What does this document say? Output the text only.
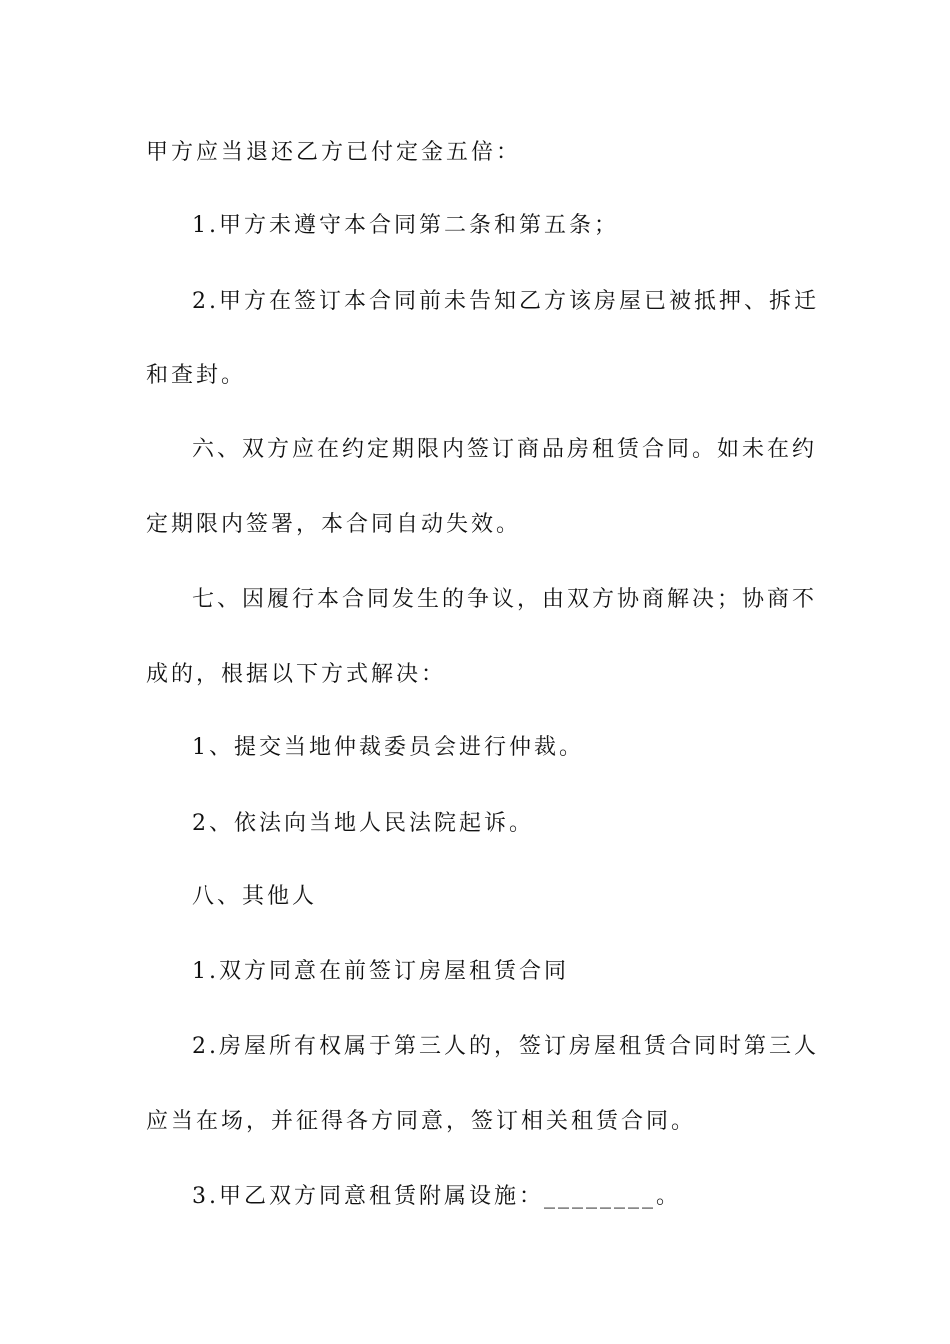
甲方应当退还乙方已付定金五倍：
1.甲方未遵守本合同第二条和第五条；
2.甲方在签订本合同前未告知乙方该房屋已被抵押、拆迁
和查封。
六、双方应在约定期限内签订商品房租赁合同。如未在约
定期限内签署，本合同自动失效。
七、因履行本合同发生的争议，由双方协商解决；协商不
成的，根据以下方式解决：
1、提交当地仲裁委员会进行仲裁。
2、依法向当地人民法院起诉。
八、其他人
1.双方同意在前签订房屋租赁合同
2.房屋所有权属于第三人的，签订房屋租赁合同时第三人
应当在场，并征得各方同意，签订相关租赁合同。
3.甲乙双方同意租赁附属设施：________。
